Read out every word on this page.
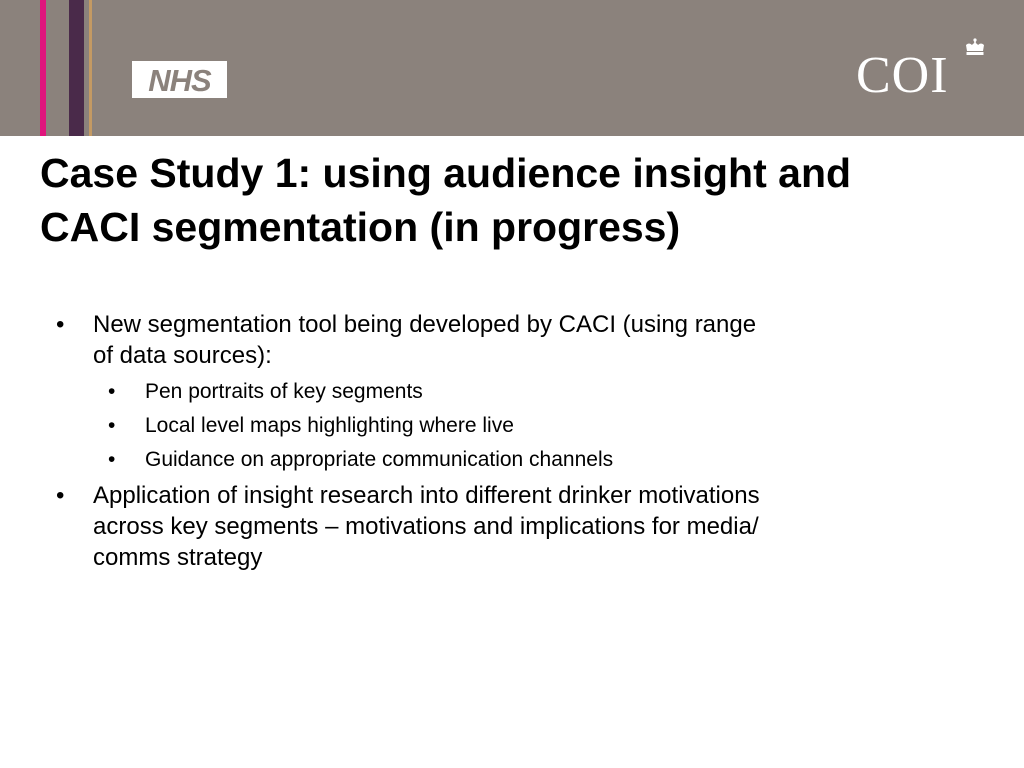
NHS	COI
Case Study 1: using audience insight and
CACI segmentation (in progress)
• New segmentation tool being developed by CACI (using range
of data sources):
• Pen portraits of key segments
• Local level maps highlighting where live
• Guidance on appropriate communication channels
• Application of insight research into different drinker motivations
across key segments – motivations and implications for media/
comms strategy
